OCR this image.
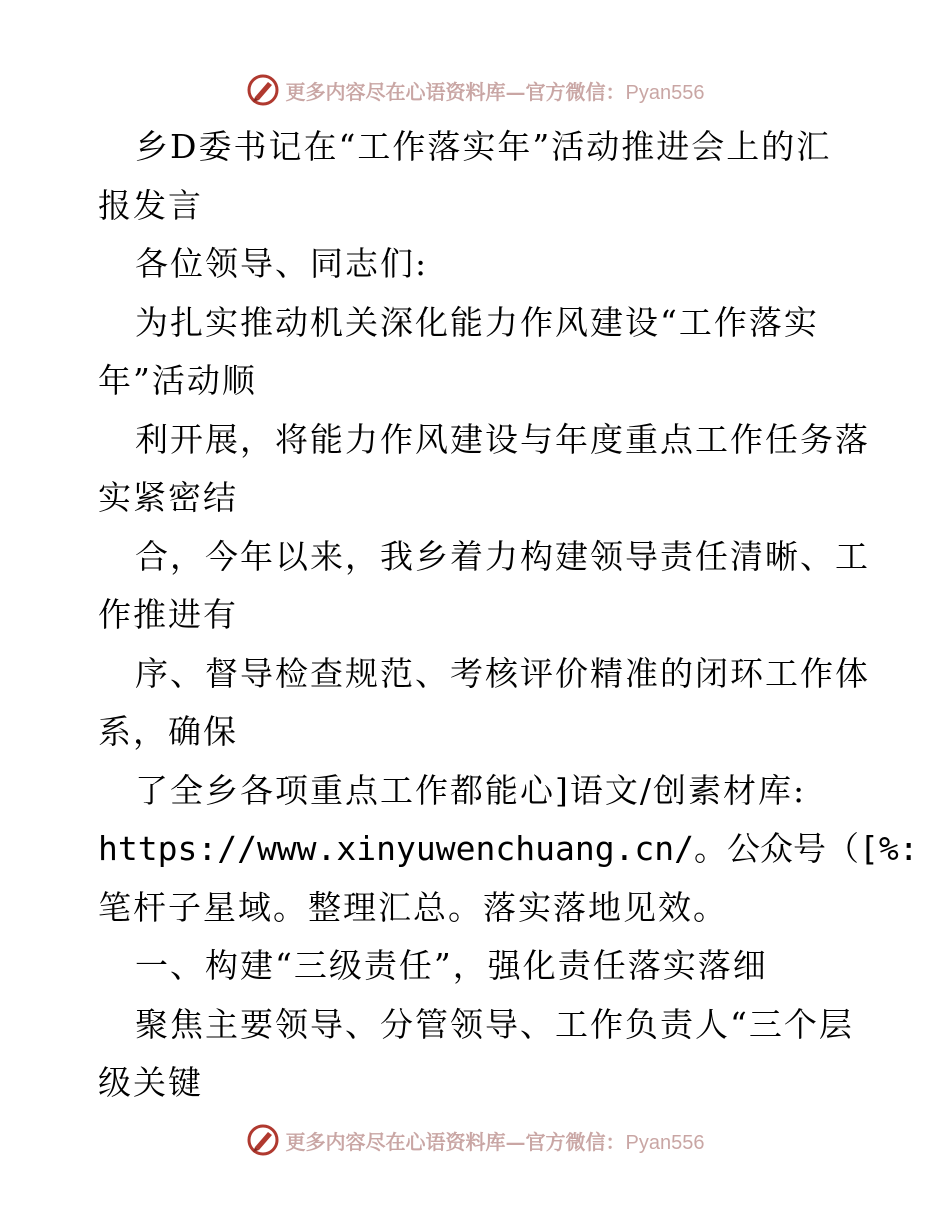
更多内容尽在心语资料库—官方微信：Pyan556
乡D委书记在“工作落实年”活动推进会上的汇
报发言
各位领导、同志们:
为扎实推动机关深化能力作风建设“工作落实
年”活动顺
利开展，将能力作风建设与年度重点工作任务落
实紧密结
合，今年以来，我乡着力构建领导责任清晰、工
作推进有
序、督导检查规范、考核评价精准的闭环工作体
系，确保
了全乡各项重点工作都能心]语文/创素材库:
https://www.xinyuwenchuang.cn/。公众号（[%:
笔杆子星域。整理汇总。落实落地见效。
一、构建“三级责任”，强化责任落实落细
聚焦主要领导、分管领导、工作负责人“三个层
级关键
更多内容尽在心语资料库—官方微信：Pyan556
